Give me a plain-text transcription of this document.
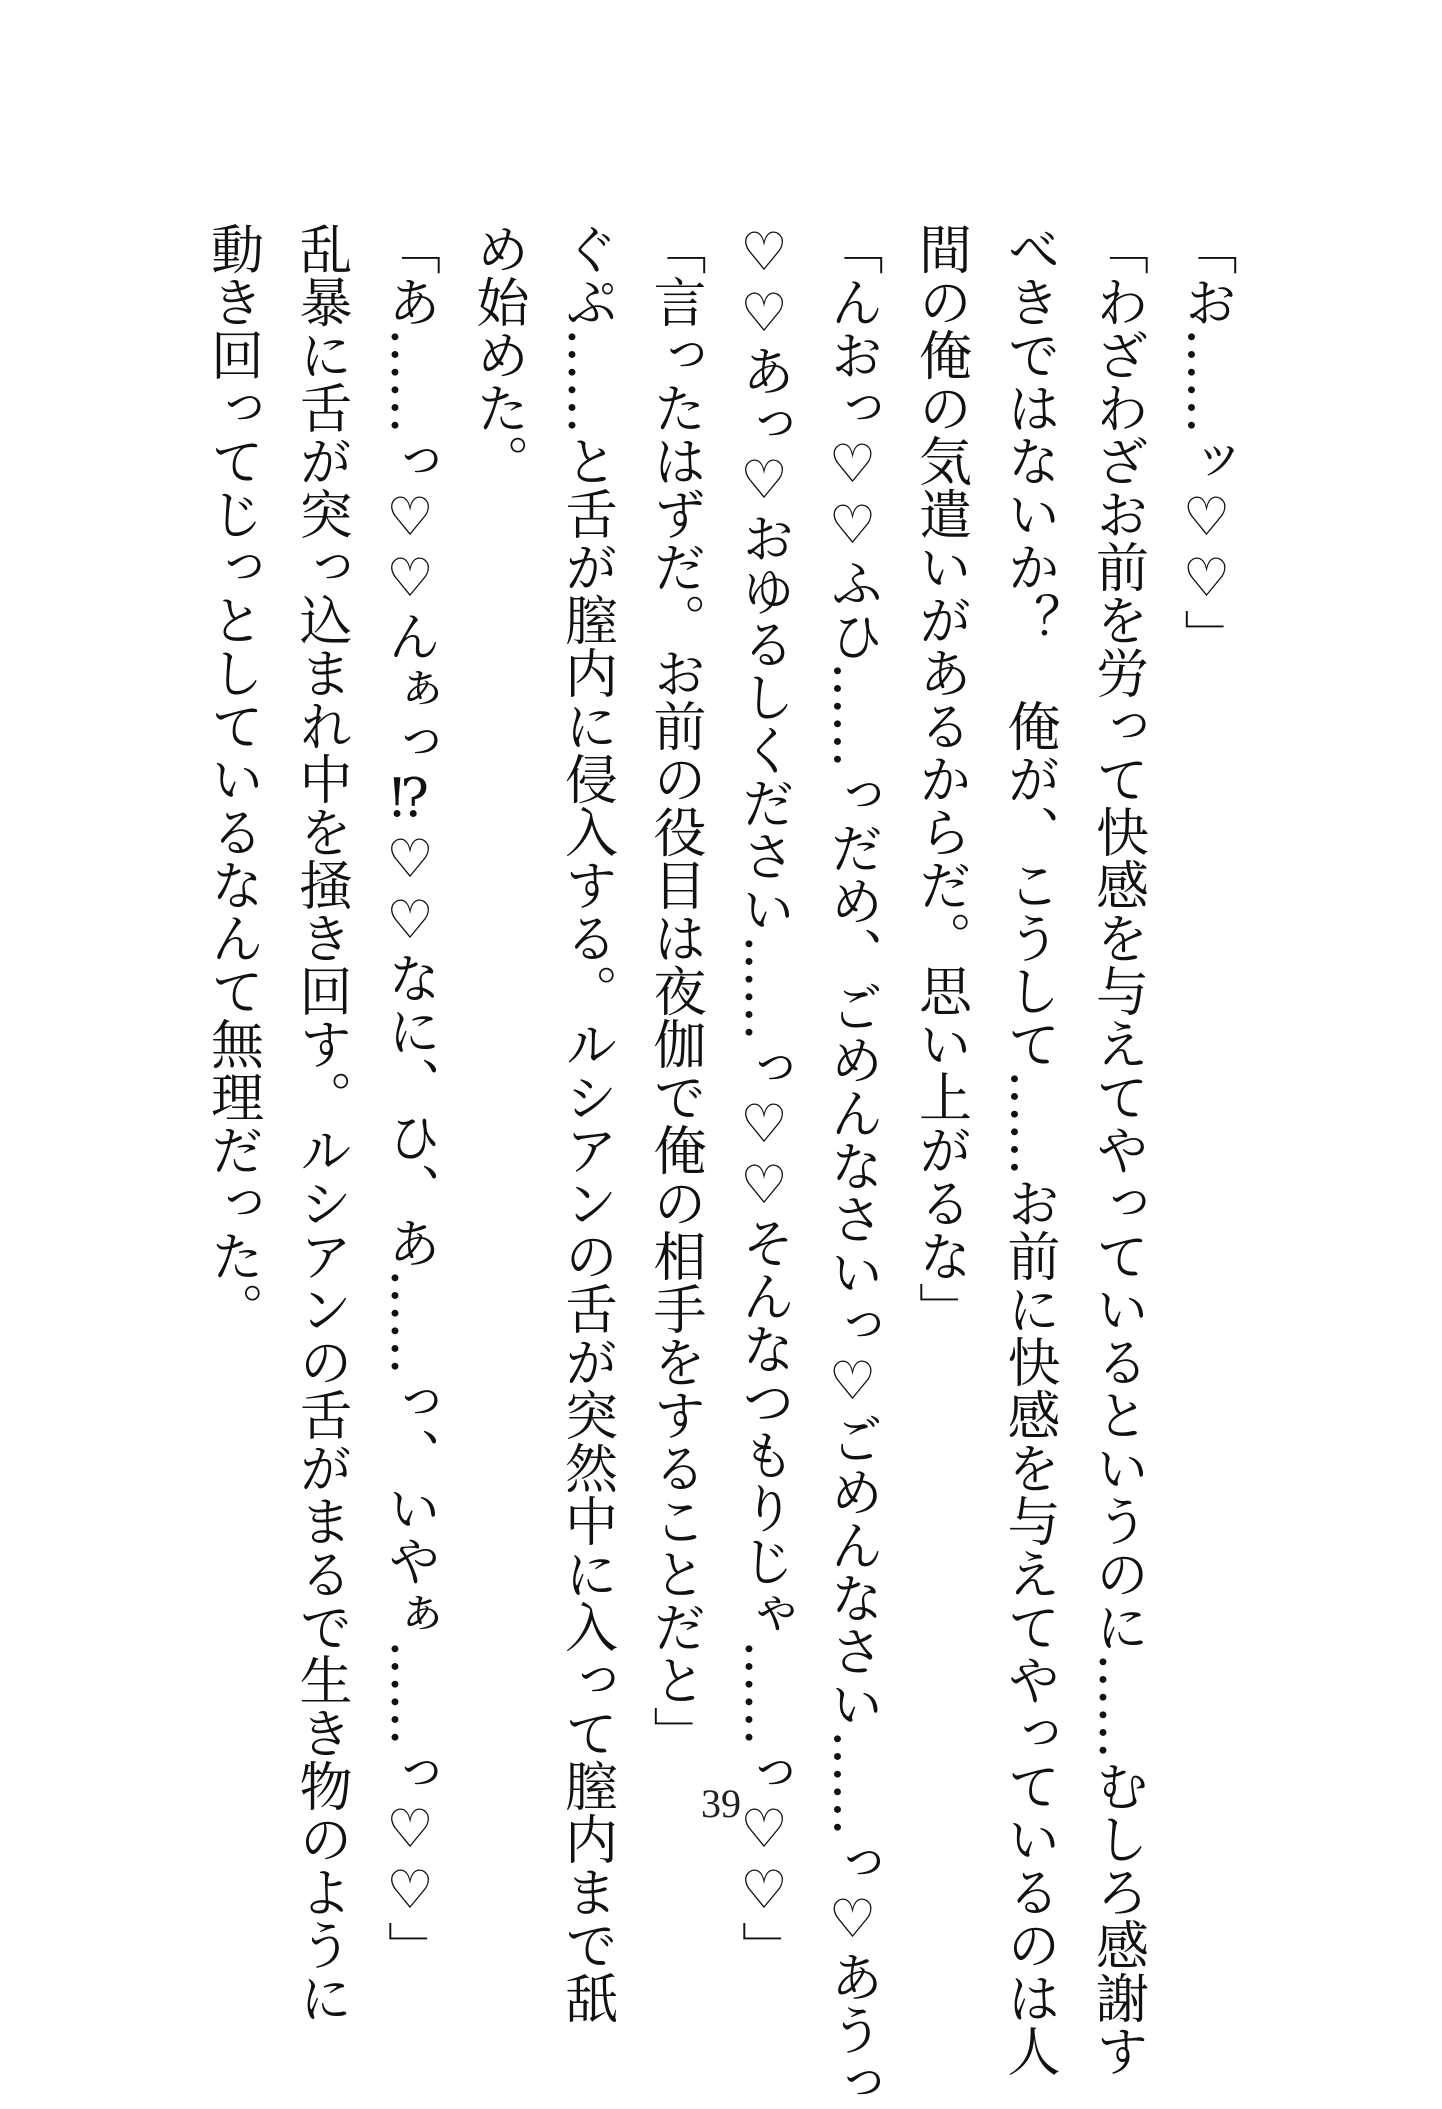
「お……ッ♡♡」

「わざわざお前を労って快感を与えてやっているというのに……むしろ感謝す

べきではないか？　俺が、こうして……お前に快感を与えてやっているのは人

間の俺の気遣いがあるからだ。思い上がるな」

「んおっ♡♡ふひ……っだめ、ごめんなさいっ♡ごめんなさい……っ♡あうっ

♡♡あっ♡おゆるしください……っ♡♡そんなつもりじゃ……っ♡♡」

「言ったはずだ。お前の役目は夜伽で俺の相手をすることだと」

ぐぷ……と舌が膣内に侵入する。ルシアンの舌が突然中に入って膣内まで舐

め始めた。

「あ……っ♡♡んぁっ⁉♡♡なに、ひ、あ……っ、いやぁ……っ♡♡」

乱暴に舌が突っ込まれ中を掻き回す。ルシアンの舌がまるで生き物のように

動き回ってじっとしているなんて無理だった。

39
